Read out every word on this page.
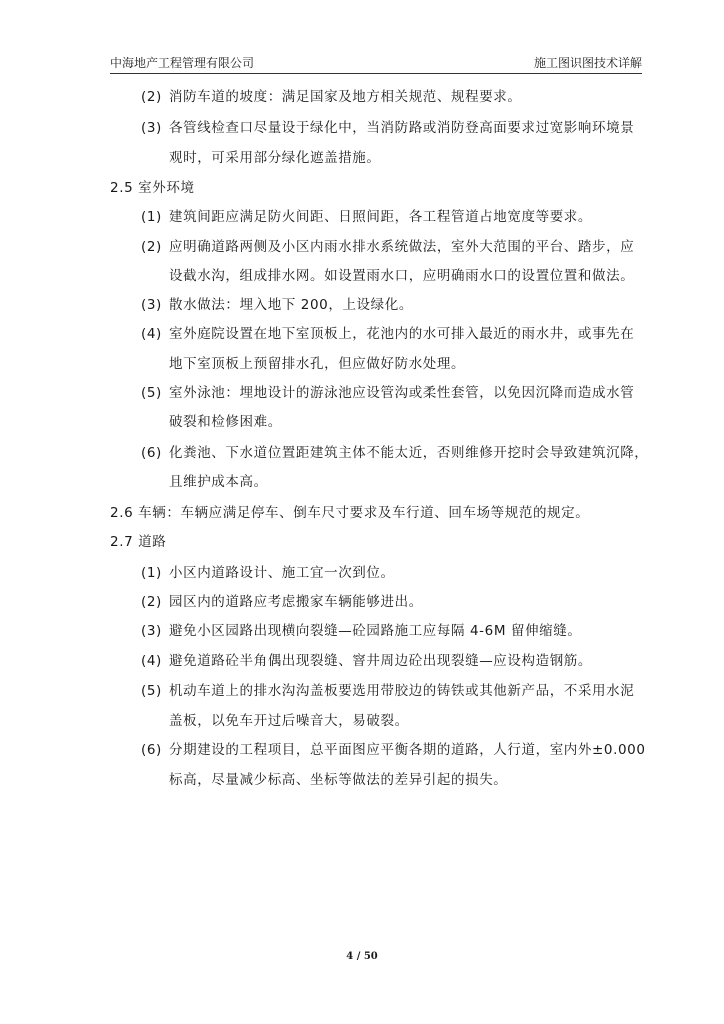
中海地产工程管理有限公司	施工图识图技术详解
(2) 消防车道的坡度：满足国家及地方相关规范、规程要求。
(3) 各管线检查口尽量设于绿化中，当消防路或消防登高面要求过宽影响环境景
观时，可采用部分绿化遮盖措施。
2.5 室外环境
(1) 建筑间距应满足防火间距、日照间距，各工程管道占地宽度等要求。
(2) 应明确道路两侧及小区内雨水排水系统做法，室外大范围的平台、踏步，应
设截水沟，组成排水网。如设置雨水口，应明确雨水口的设置位置和做法。
(3) 散水做法：埋入地下 200，上设绿化。
(4) 室外庭院设置在地下室顶板上，花池内的水可排入最近的雨水井，或事先在
地下室顶板上预留排水孔，但应做好防水处理。
(5) 室外泳池：埋地设计的游泳池应设管沟或柔性套管，以免因沉降而造成水管
破裂和检修困难。
(6) 化粪池、下水道位置距建筑主体不能太近，否则维修开挖时会导致建筑沉降，
且维护成本高。
2.6 车辆：车辆应满足停车、倒车尺寸要求及车行道、回车场等规范的规定。
2.7 道路
(1) 小区内道路设计、施工宜一次到位。
(2) 园区内的道路应考虑搬家车辆能够进出。
(3) 避免小区园路出现横向裂缝—砼园路施工应每隔 4-6M 留伸缩缝。
(4) 避免道路砼半角偶出现裂缝、窨井周边砼出现裂缝—应设构造钢筋。
(5) 机动车道上的排水沟沟盖板要选用带胶边的铸铁或其他新产品，不采用水泥
盖板，以免车开过后噪音大，易破裂。
(6) 分期建设的工程项目，总平面图应平衡各期的道路，人行道，室内外±0.000
标高，尽量减少标高、坐标等做法的差异引起的损失。
4 / 50
